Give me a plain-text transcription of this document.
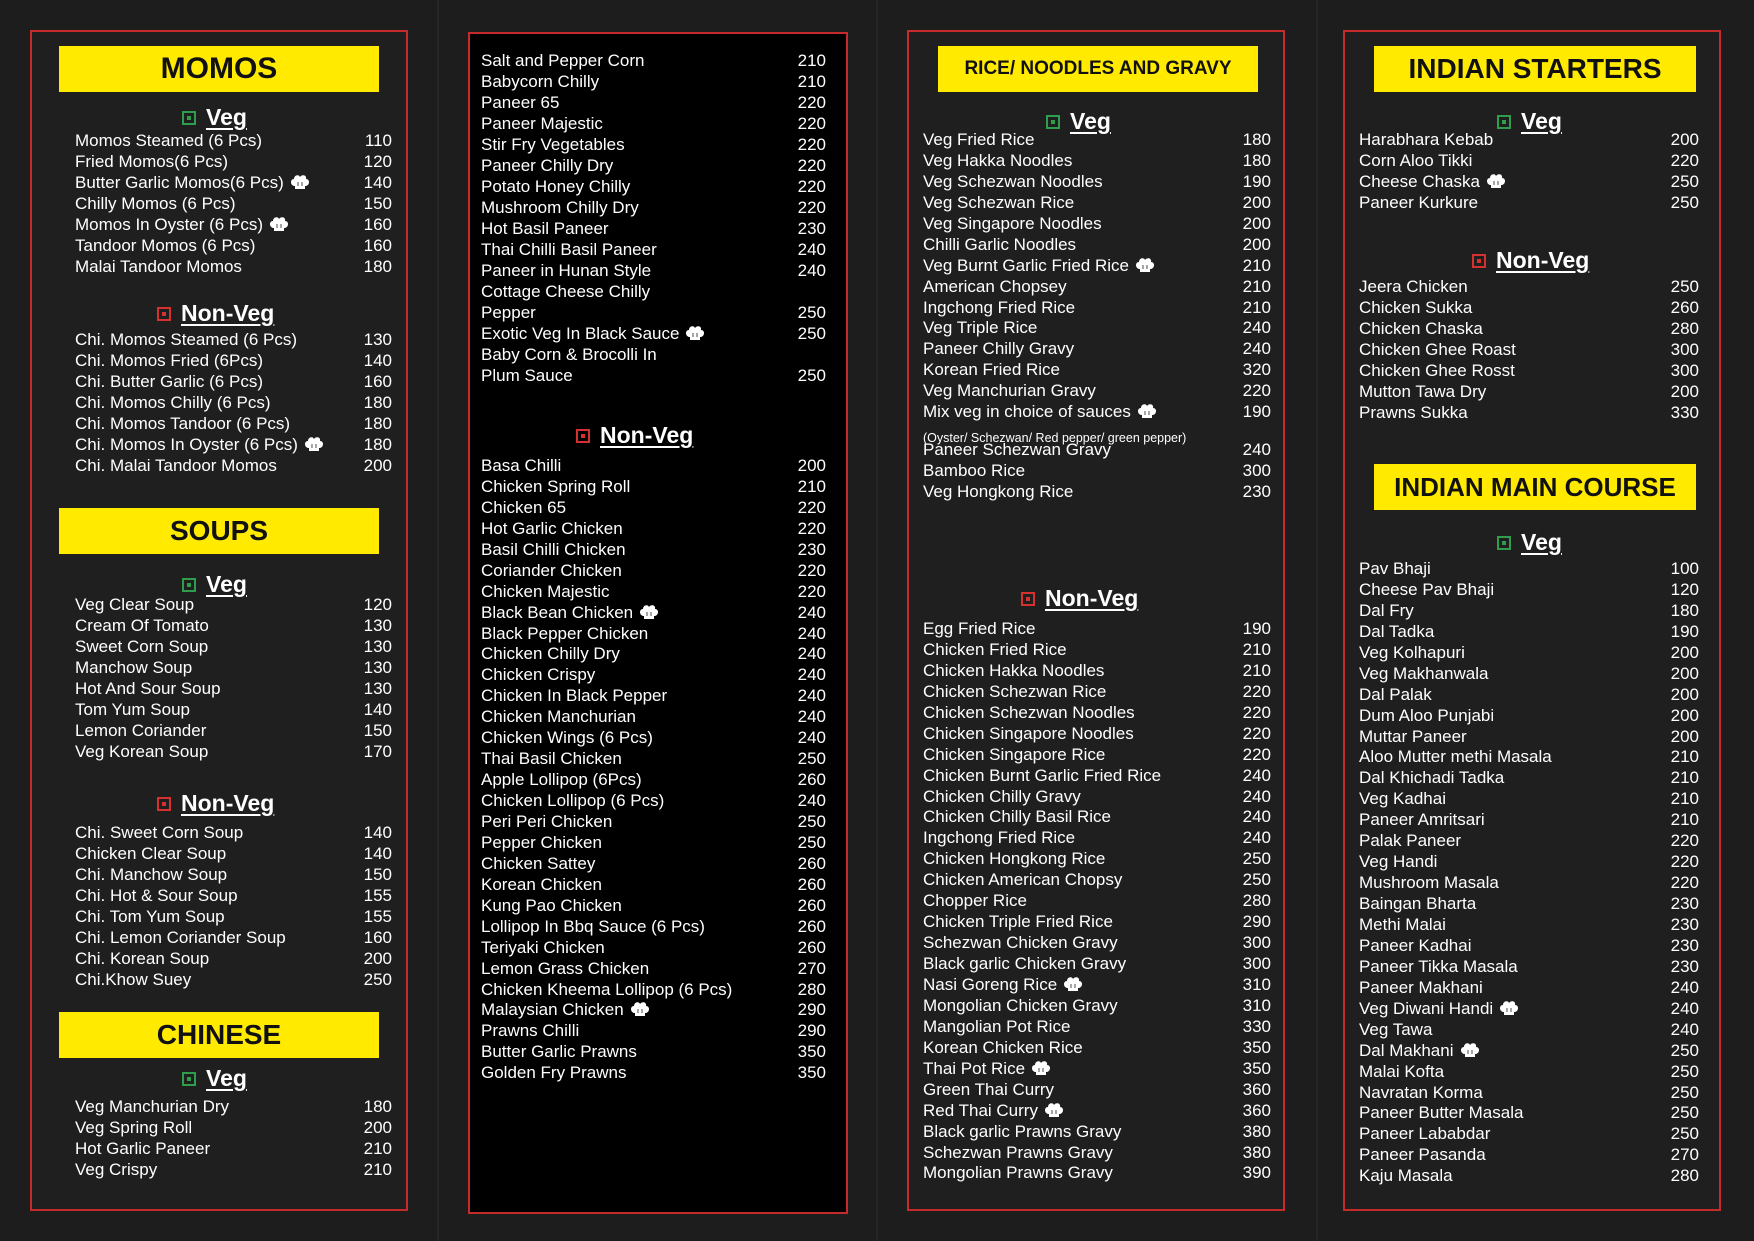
MOMOS
Veg
Momos Steamed (6 Pcs)	110
Fried Momos(6 Pcs)	120
Butter Garlic Momos(6 Pcs)	140
Chilly Momos (6 Pcs)	150
Momos In Oyster (6 Pcs)	160
Tandoor Momos (6 Pcs)	160
Malai Tandoor Momos	180
Non-Veg
Chi. Momos Steamed (6 Pcs)	130
Chi. Momos Fried (6Pcs)	140
Chi. Butter Garlic (6 Pcs)	160
Chi. Momos Chilly (6 Pcs)	180
Chi. Momos Tandoor (6 Pcs)	180
Chi. Momos In Oyster (6 Pcs)	180
Chi. Malai Tandoor Momos	200
SOUPS
Veg
Veg Clear Soup	120
Cream Of Tomato	130
Sweet Corn Soup	130
Manchow Soup	130
Hot And Sour Soup	130
Tom Yum Soup	140
Lemon Coriander	150
Veg Korean Soup	170
Non-Veg
Chi. Sweet Corn Soup	140
Chicken Clear Soup	140
Chi. Manchow Soup	150
Chi. Hot & Sour Soup	155
Chi. Tom Yum Soup	155
Chi. Lemon Coriander Soup	160
Chi. Korean Soup	200
Chi.Khow Suey	250
CHINESE
Veg
Veg Manchurian Dry	180
Veg Spring Roll	200
Hot Garlic Paneer	210
Veg Crispy	210
Salt and Pepper Corn	210
Babycorn Chilly	210
Paneer 65	220
Paneer Majestic	220
Stir Fry Vegetables	220
Paneer Chilly Dry	220
Potato Honey Chilly	220
Mushroom Chilly Dry	220
Hot Basil Paneer	230
Thai Chilli Basil Paneer	240
Paneer in Hunan Style	240
Cottage Cheese Chilly
Pepper	250
Exotic Veg In Black Sauce	250
Baby Corn & Brocolli In
Plum Sauce	250
Non-Veg
Basa Chilli	200
Chicken Spring Roll	210
Chicken 65	220
Hot Garlic Chicken	220
Basil Chilli Chicken	230
Coriander Chicken	220
Chicken Majestic	220
Black Bean Chicken	240
Black Pepper Chicken	240
Chicken Chilly Dry	240
Chicken Crispy	240
Chicken In Black Pepper	240
Chicken Manchurian	240
Chicken Wings (6 Pcs)	240
Thai Basil Chicken	250
Apple Lollipop (6Pcs)	260
Chicken Lollipop (6 Pcs)	240
Peri Peri Chicken	250
Pepper Chicken	250
Chicken Sattey	260
Korean Chicken	260
Kung Pao Chicken	260
Lollipop In Bbq Sauce (6 Pcs)	260
Teriyaki Chicken	260
Lemon Grass Chicken	270
Chicken Kheema Lollipop (6 Pcs)	280
Malaysian Chicken	290
Prawns Chilli	290
Butter Garlic Prawns	350
Golden Fry Prawns	350
RICE/ NOODLES AND GRAVY
Veg
Veg Fried Rice	180
Veg Hakka Noodles	180
Veg Schezwan Noodles	190
Veg Schezwan Rice	200
Veg Singapore Noodles	200
Chilli Garlic Noodles	200
Veg Burnt Garlic Fried Rice	210
American Chopsey	210
Ingchong Fried Rice	210
Veg Triple Rice	240
Paneer Chilly Gravy	240
Korean Fried Rice	320
Veg Manchurian Gravy	220
Mix veg in choice of sauces	190
(Oyster/ Schezwan/ Red pepper/ green pepper)
Paneer Schezwan Gravy	240
Bamboo Rice	300
Veg Hongkong Rice	230
Non-Veg
Egg Fried Rice	190
Chicken Fried Rice	210
Chicken Hakka Noodles	210
Chicken Schezwan Rice	220
Chicken Schezwan Noodles	220
Chicken Singapore Noodles	220
Chicken Singapore Rice	220
Chicken Burnt Garlic Fried Rice	240
Chicken Chilly Gravy	240
Chicken Chilly Basil Rice	240
Ingchong Fried Rice	240
Chicken Hongkong Rice	250
Chicken American Chopsy	250
Chopper Rice	280
Chicken Triple Fried Rice	290
Schezwan Chicken Gravy	300
Black garlic Chicken Gravy	300
Nasi Goreng Rice	310
Mongolian Chicken Gravy	310
Mangolian Pot Rice	330
Korean Chicken Rice	350
Thai Pot Rice	350
Green Thai Curry	360
Red Thai Curry	360
Black garlic Prawns Gravy	380
Schezwan Prawns Gravy	380
Mongolian Prawns Gravy	390
INDIAN STARTERS
Veg
Harabhara Kebab	200
Corn Aloo Tikki	220
Cheese Chaska	250
Paneer Kurkure	250
Non-Veg
Jeera Chicken	250
Chicken Sukka	260
Chicken Chaska	280
Chicken Ghee Roast	300
Chicken Ghee Rosst	300
Mutton Tawa Dry	200
Prawns Sukka	330
INDIAN MAIN COURSE
Veg
Pav Bhaji	100
Cheese Pav Bhaji	120
Dal Fry	180
Dal Tadka	190
Veg Kolhapuri	200
Veg Makhanwala	200
Dal Palak	200
Dum Aloo Punjabi	200
Muttar Paneer	200
Aloo Mutter methi Masala	210
Dal Khichadi Tadka	210
Veg Kadhai	210
Paneer Amritsari	210
Palak Paneer	220
Veg Handi	220
Mushroom Masala	220
Baingan Bharta	230
Methi Malai	230
Paneer Kadhai	230
Paneer Tikka Masala	230
Paneer Makhani	240
Veg Diwani Handi	240
Veg Tawa	240
Dal Makhani	250
Malai Kofta	250
Navratan Korma	250
Paneer Butter Masala	250
Paneer Lababdar	250
Paneer Pasanda	270
Kaju Masala	280
